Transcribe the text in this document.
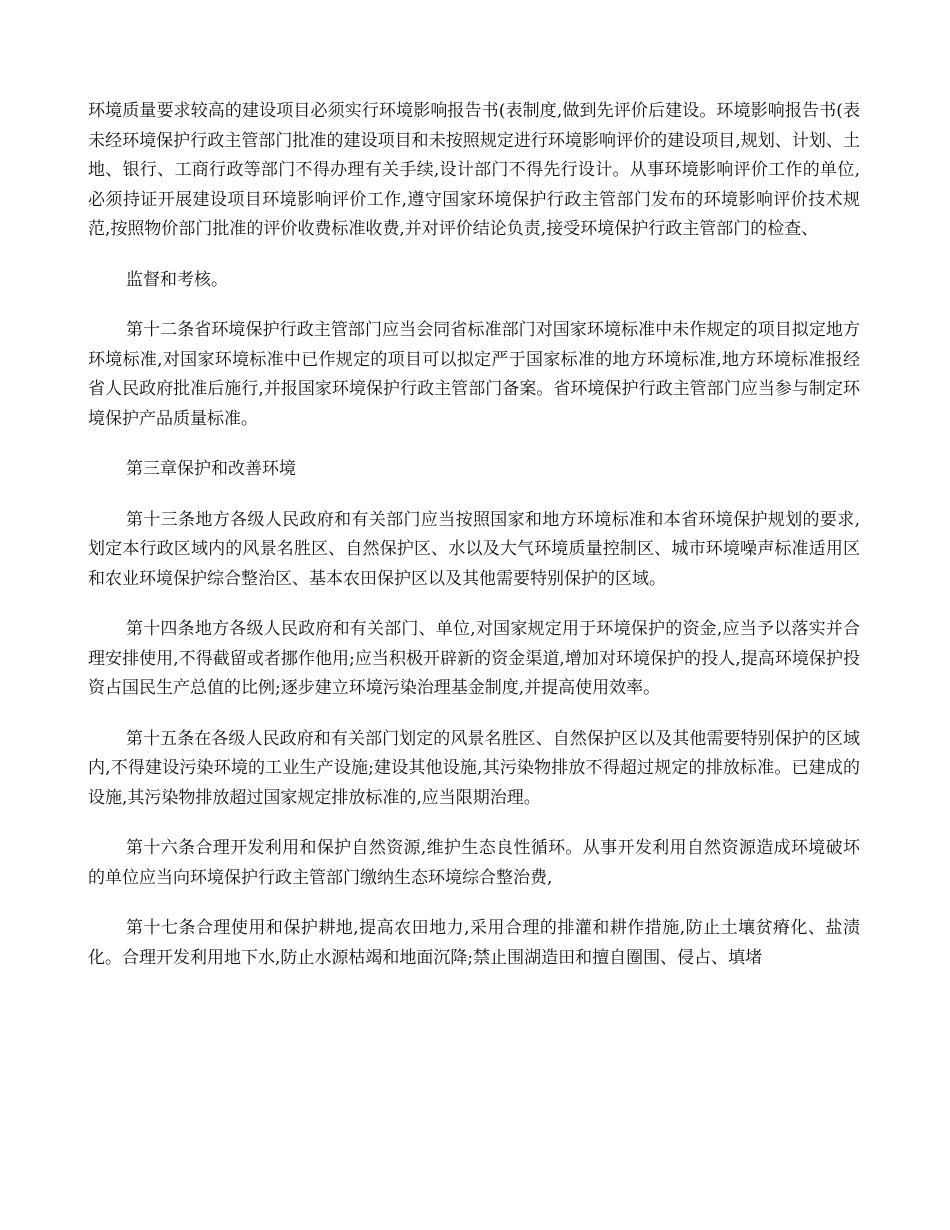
环境质量要求较高的建设项目必须实行环境影响报告书(表制度,做到先评价后建设。环境影响报告书(表未经环境保护行政主管部门批准的建设项目和未按照规定进行环境影响评价的建设项目,规划、计划、土地、银行、工商行政等部门不得办理有关手续,设计部门不得先行设计。从事环境影响评价工作的单位,必须持证开展建设项目环境影响评价工作,遵守国家环境保护行政主管部门发布的环境影响评价技术规范,按照物价部门批准的评价收费标准收费,并对评价结论负责,接受环境保护行政主管部门的检查、

监督和考核。

第十二条省环境保护行政主管部门应当会同省标准部门对国家环境标准中未作规定的项目拟定地方环境标准,对国家环境标准中已作规定的项目可以拟定严于国家标准的地方环境标准,地方环境标准报经省人民政府批准后施行,并报国家环境保护行政主管部门备案。省环境保护行政主管部门应当参与制定环境保护产品质量标准。

第三章保护和改善环境

第十三条地方各级人民政府和有关部门应当按照国家和地方环境标准和本省环境保护规划的要求,划定本行政区域内的风景名胜区、自然保护区、水以及大气环境质量控制区、城市环境噪声标准适用区和农业环境保护综合整治区、基本农田保护区以及其他需要特别保护的区域。

第十四条地方各级人民政府和有关部门、单位,对国家规定用于环境保护的资金,应当予以落实并合理安排使用,不得截留或者挪作他用;应当积极开辟新的资金渠道,增加对环境保护的投人,提高环境保护投资占国民生产总值的比例;逐步建立环境污染治理基金制度,并提高使用效率。

第十五条在各级人民政府和有关部门划定的风景名胜区、自然保护区以及其他需要特别保护的区域内,不得建设污染环境的工业生产设施;建设其他设施,其污染物排放不得超过规定的排放标准。已建成的设施,其污染物排放超过国家规定排放标准的,应当限期治理。

第十六条合理开发利用和保护自然资源,维护生态良性循环。从事开发利用自然资源造成环境破坏的单位应当向环境保护行政主管部门缴纳生态环境综合整治费,

第十七条合理使用和保护耕地,提高农田地力,采用合理的排灌和耕作措施,防止土壤贫瘠化、盐渍化。合理开发利用地下水,防止水源枯竭和地面沉降;禁止围湖造田和擅自圈围、侵占、填堵
